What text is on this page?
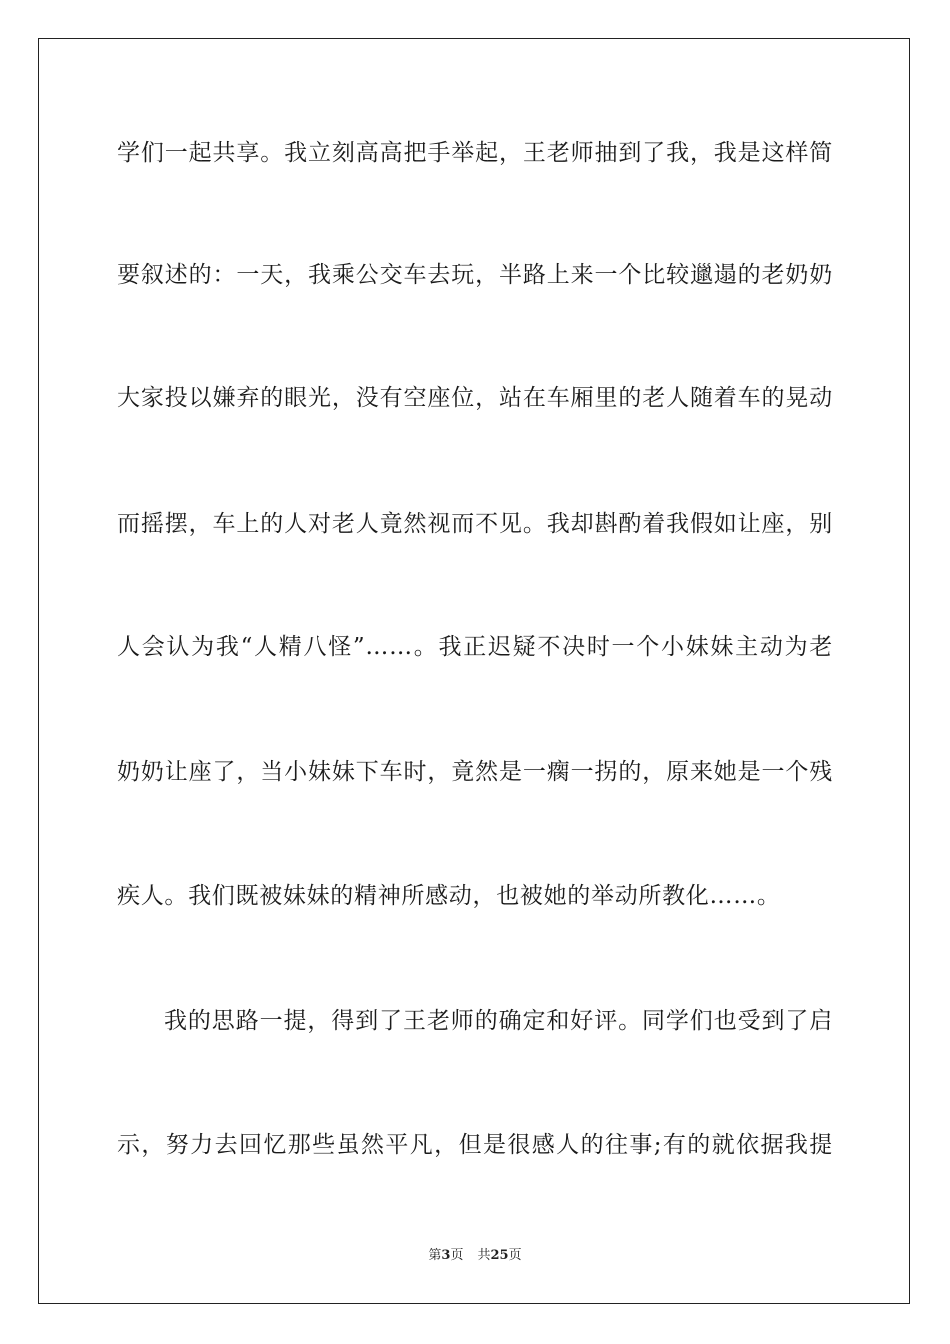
学们一起共享。我立刻高高把手举起，王老师抽到了我，我是这样简
要叙述的：一天，我乘公交车去玩，半路上来一个比较邋遢的老奶奶
大家投以嫌弃的眼光，没有空座位，站在车厢里的老人随着车的晃动
而摇摆，车上的人对老人竟然视而不见。我却斟酌着我假如让座，别
人会认为我“人精八怪”……。我正迟疑不决时一个小妹妹主动为老
奶奶让座了，当小妹妹下车时，竟然是一瘸一拐的，原来她是一个残
疾人。我们既被妹妹的精神所感动，也被她的举动所教化……。
我的思路一提，得到了王老师的确定和好评。同学们也受到了启
示，努力去回忆那些虽然平凡，但是很感人的往事;有的就依据我提
第3页 共25页
